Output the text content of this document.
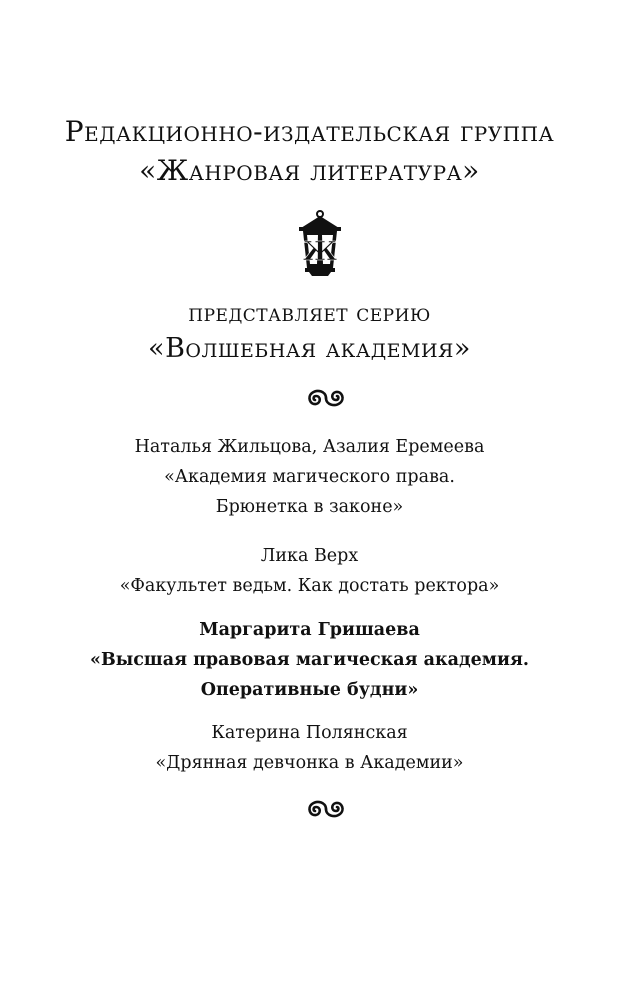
Редакционно-издательская группа
«Жанровая литература»
Ж
представляет серию
«Волшебная академия»
Наталья Жильцова, Азалия Еремеева
«Академия магического права.
Брюнетка в законе»
Лика Верх
«Факультет ведьм. Как достать ректора»
Маргарита Гришаева
«Высшая правовая магическая академия.
Оперативные будни»
Катерина Полянская
«Дрянная девчонка в Академии»
